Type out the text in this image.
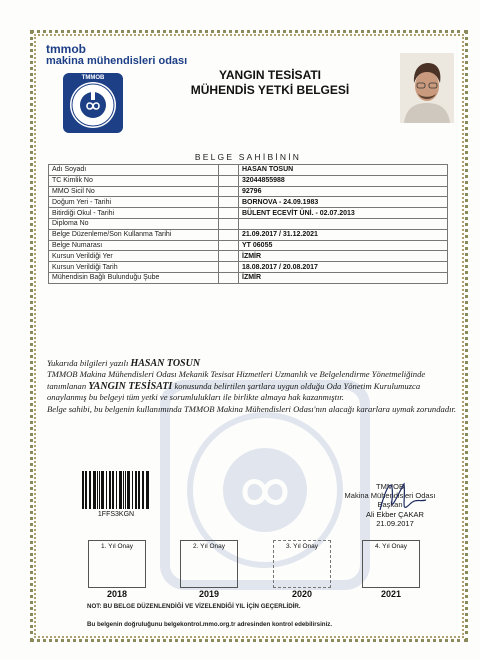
tmmob
makina mühendisleri odası
TMMOB	YANGIN TESİSATI
MÜHENDİS YETKİ BELGESİ
BELGE SAHİBİNİN
Adı Soyadı		HASAN TOSUN
TC Kimlik No		32044855988
MMO Sicil No		92796
Doğum Yeri - Tarihi		BORNOVA - 24.09.1983
Bitirdiği Okul - Tarihi		BÜLENT ECEVİT ÜNİ. - 02.07.2013
Diploma No		
Belge Düzenleme/Son Kullanma Tarihi		21.09.2017 / 31.12.2021
Belge Numarası		YT 06055
Kursun Verildiği Yer		İZMİR
Kursun Verildiği Tarih		18.08.2017 / 20.08.2017
Mühendisin Bağlı Bulunduğu Şube		İZMİR

Yukarıda bilgileri yazılı HASAN TOSUN

TMMOB Makina Mühendisleri Odası Mekanik Tesisat Hizmetleri Uzmanlık ve Belgelendirme Yönetmeliğinde tanımlanan YANGIN TESİSATI konusunda belirtilen şartlara uygun olduğu Oda Yönetim Kurulumuzca onaylanmış bu belgeyi tüm yetki ve sorumlulukları ile birlikte almaya hak kazanmıştır.

Belge sahibi, bu belgenin kullanımında TMMOB Makina Mühendisleri Odası'nın alacağı kararlara uymak zorundadır.

1FFS3KGN
TMMOB
Makina Mühendisleri Odası
Başkan
Ali Ekber ÇAKAR
21.09.2017
1. Yıl Onay
2018
2. Yıl Onay
2019
3. Yıl Onay
2020
4. Yıl Onay
2021
NOT: BU BELGE DÜZENLENDİĞİ VE VİZELENDİĞİ YIL İÇİN GEÇERLİDİR.
Bu belgenin doğruluğunu belgekontrol.mmo.org.tr adresinden kontrol edebilirsiniz.
